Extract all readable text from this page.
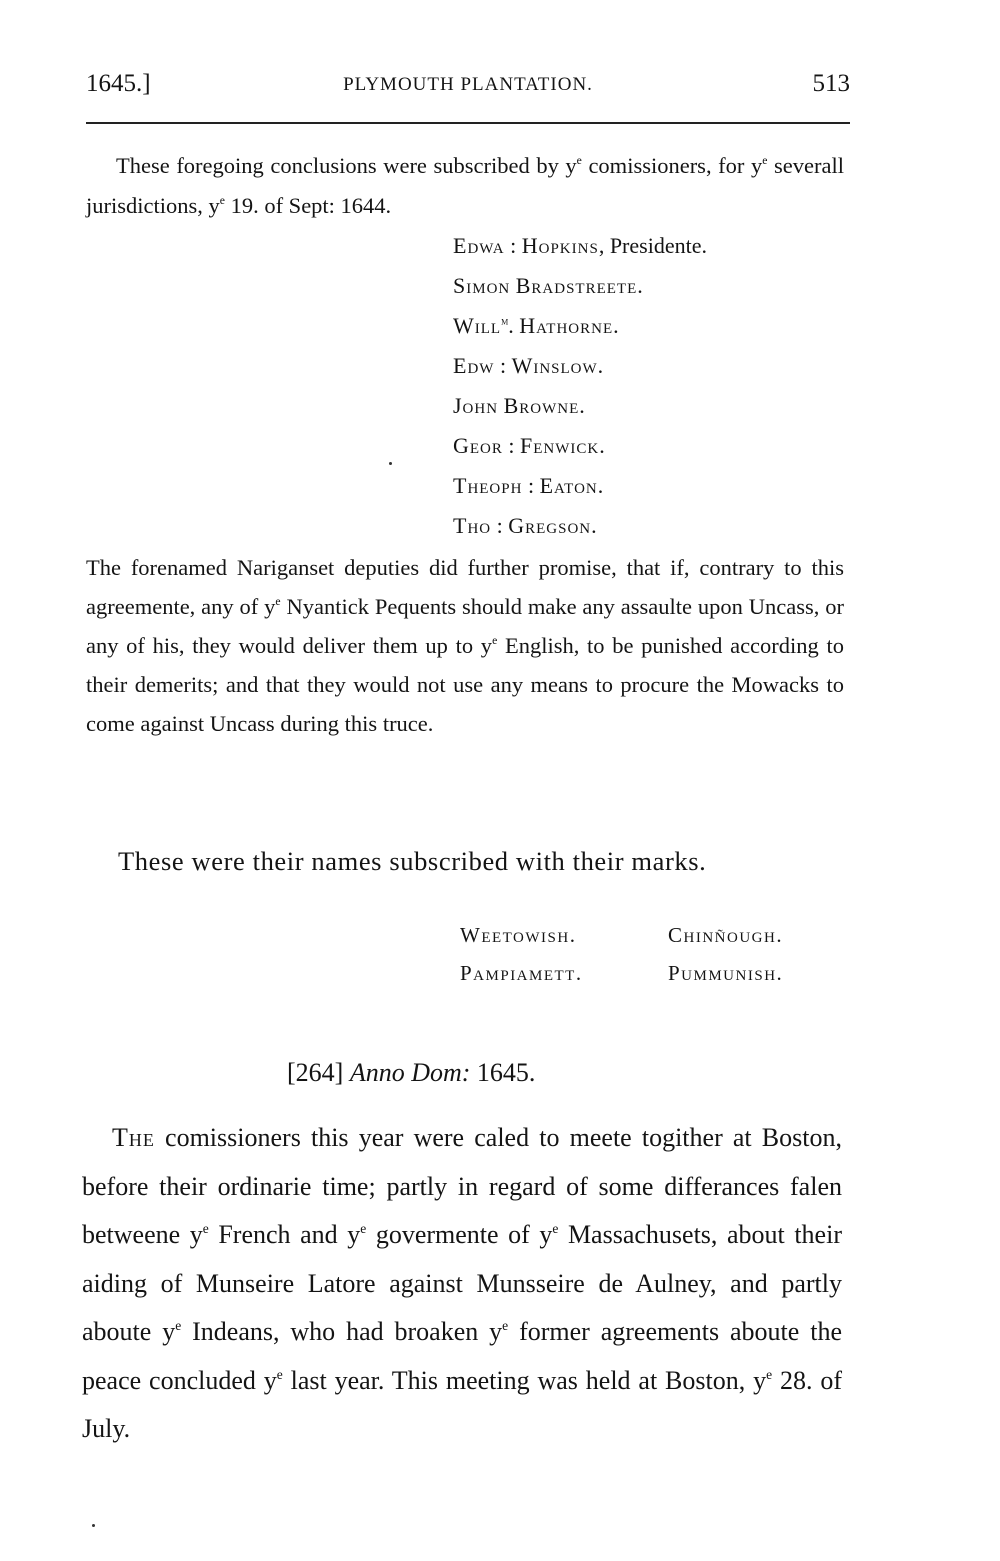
1645.]	PLYMOUTH PLANTATION.	513

These foregoing conclusions were subscribed by $y^e$ comissioners, for $y^e$ severall jurisdictions, $y^e$ 19. of Sept: 1644.

Edwa : Hopkins, Presidente.
Simon Bradstreete.
Will$^m$. Hathorne.
Edw : Winslow.
John Browne.
Geor : Fenwick.
Theoph : Eaton.
Tho : Gregson.

The forenamed Nariganset deputies did further promise, that if, contrary to this agreemente, any of $y^e$ Nyantick Pequents should make any assaulte upon Uncass, or any of his, they would deliver them up to $y^e$ English, to be punished according to their demerits; and that they would not use any means to procure the Mowacks to come against Uncass during this truce.

These were their names subscribed with their marks.
Weetowish.	Chinñough.
Pampiamett.	Pummunish.
[264] Anno Dom: 1645.

The comissioners this year were caled to meete togither at Boston, before their ordinarie time; partly in regard of some differances falen betweene $y^e$ French and $y^e$ govermente of $y^e$ Massachusets, about their aiding of Munseire Latore against Munsseire de Aulney, and partly aboute $y^e$ Indeans, who had broaken $y^e$ former agreements aboute the peace concluded $y^e$ last year. This meeting was held at Boston, $y^e$ 28. of July.
